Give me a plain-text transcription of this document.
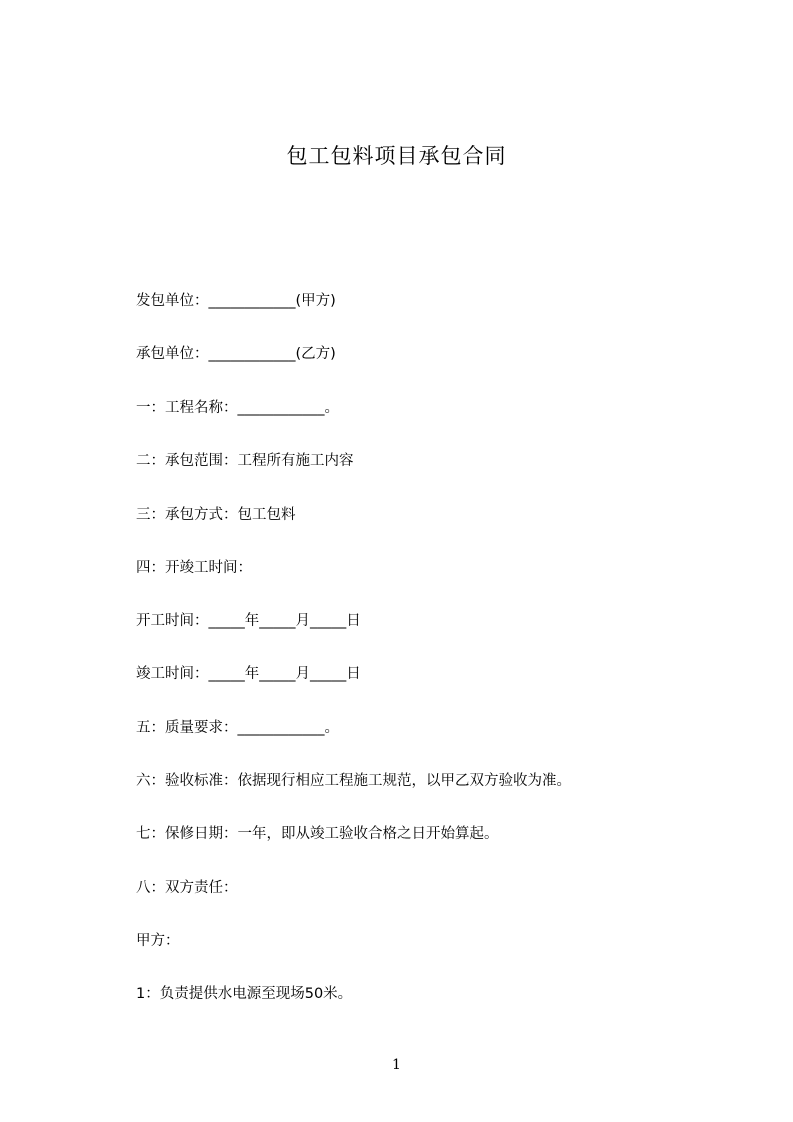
包工包料项目承包合同
发包单位：____________(甲方)
承包单位：____________(乙方)
一：工程名称：____________。
二：承包范围：工程所有施工内容
三：承包方式：包工包料
四：开竣工时间：
开工时间：_____年_____月_____日
竣工时间：_____年_____月_____日
五：质量要求：____________。
六：验收标准：依据现行相应工程施工规范，以甲乙双方验收为准。
七：保修日期：一年，即从竣工验收合格之日开始算起。
八：双方责任：
甲方：
1：负责提供水电源至现场50米。
1
